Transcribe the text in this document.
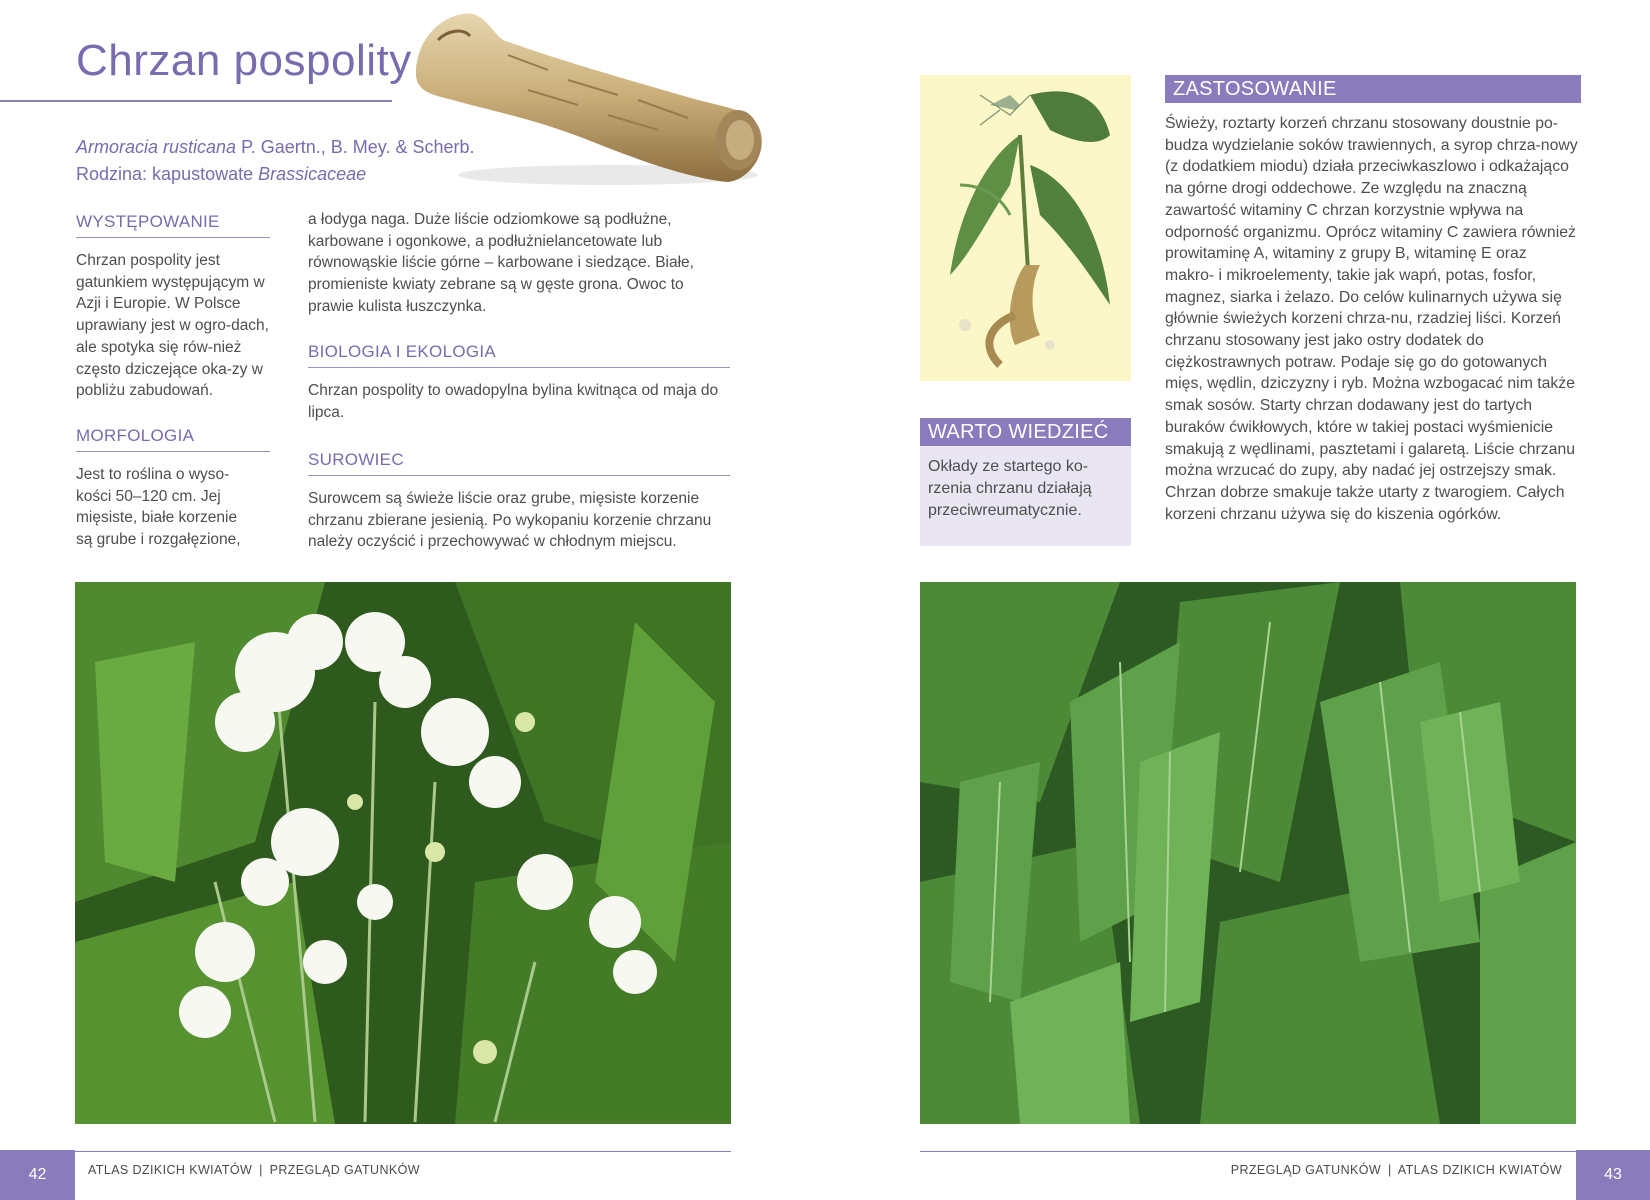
Chrzan pospolity
Armoracia rusticana P. Gaertn., B. Mey. & Scherb.
Rodzina: kapustowate Brassicaceae
WYSTĘPOWANIE

Chrzan pospolity jest gatunkiem występującym w Azji i Europie. W Polsce uprawiany jest w ogro-dach, ale spotyka się rów-nież często dziczejące oka-zy w pobliżu zabudowań.

MORFOLOGIA

Jest to roślina o wyso-kości 50–120 cm. Jej mięsiste, białe korzenie są grube i rozgałęzione,

a łodyga naga. Duże liście odziomkowe są podłużne, karbowane i ogonkowe, a podłużnielancetowate lub równowąskie liście górne – karbowane i siedzące. Białe, promieniste kwiaty zebrane są w gęste grona. Owoc to prawie kulista łuszczynka.

BIOLOGIA I EKOLOGIA

Chrzan pospolity to owadopylna bylina kwitnąca od maja do lipca.

SUROWIEC

Surowcem są świeże liście oraz grube, mięsiste korzenie chrzanu zbierane jesienią. Po wykopaniu korzenie chrzanu należy oczyścić i przechowywać w chłodnym miejscu.

42	ATLAS DZIKICH KWIATÓW | PRZEGLĄD GATUNKÓW
WARTO WIEDZIEĆ

Okłady ze startego ko-rzenia chrzanu działają przeciwreumatycznie.

ZASTOSOWANIE

Świeży, roztarty korzeń chrzanu stosowany doustnie po-budza wydzielanie soków trawiennych, a syrop chrza-nowy (z dodatkiem miodu) działa przeciwkaszlowo i odkażająco na górne drogi oddechowe. Ze względu na znaczną zawartość witaminy C chrzan korzystnie wpływa na odporność organizmu. Oprócz witaminy C zawiera również prowitaminę A, witaminy z grupy B, witaminę E oraz makro- i mikroelementy, takie jak wapń, potas, fosfor, magnez, siarka i żelazo. Do celów kulinarnych używa się głównie świeżych korzeni chrza-nu, rzadziej liści. Korzeń chrzanu stosowany jest jako ostry dodatek do ciężkostrawnych potraw. Podaje się go do gotowanych mięs, wędlin, dziczyzny i ryb. Można wzbogacać nim także smak sosów. Starty chrzan dodawany jest do tartych buraków ćwikłowych, które w takiej postaci wyśmienicie smakują z wędlinami, pasztetami i galaretą. Liście chrzanu można wrzucać do zupy, aby nadać jej ostrzejszy smak. Chrzan dobrze smakuje także utarty z twarogiem. Całych korzeni chrzanu używa się do kiszenia ogórków.

PRZEGLĄD GATUNKÓW | ATLAS DZIKICH KWIATÓW	43
